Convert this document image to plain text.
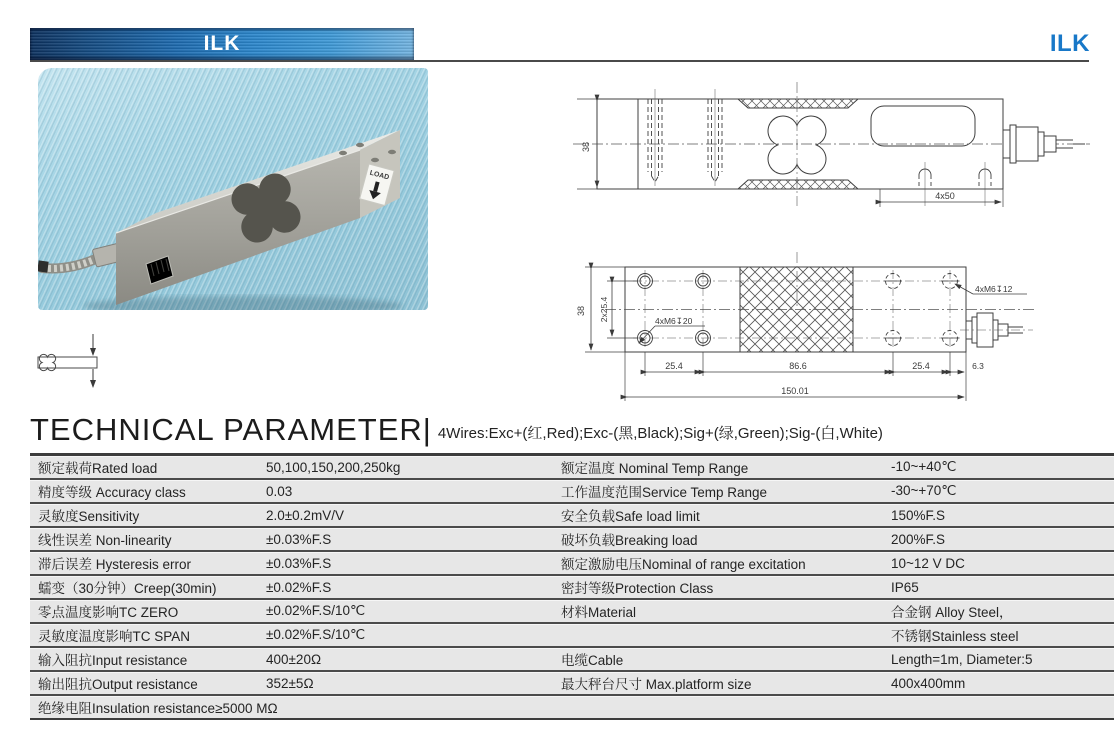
ILK	ILK
LOAD
38
4x50
38 2x25.4	4xM6↧20
4xM6↧12
25.4	86.6	25.4	6.3
150.01
TECHNICAL PARAMETER| 4Wires:Exc+(红,Red);Exc-(黑,Black);Sig+(绿,Green);Sig-(白,White)
额定载荷Rated load	50,100,150,200,250kg	额定温度 Nominal Temp Range	-10~+40℃
精度等级 Accuracy class	0.03	工作温度范围Service Temp Range	-30~+70℃
灵敏度Sensitivity	2.0±0.2mV/V	安全负载Safe load limit	150%F.S
线性误差 Non-linearity	±0.03%F.S	破坏负载Breaking load	200%F.S
滞后误差 Hysteresis error	±0.03%F.S	额定激励电压Nominal of range excitation	10~12 V DC
蠕变（30分钟）Creep(30min)	±0.02%F.S	密封等级Protection Class	IP65
零点温度影响TC ZERO	±0.02%F.S/10℃	材料Material	合金钢 Alloy Steel，
灵敏度温度影响TC SPAN	±0.02%F.S/10℃		不锈钢Stainless steel
输入阻抗Input resistance	400±20Ω	电缆Cable	Length=1m, Diameter:5
输出阻抗Output resistance	352±5Ω	最大秤台尺寸 Max.platform size	400x400mm
绝缘电阻Insulation resistance≥5000 MΩ			
